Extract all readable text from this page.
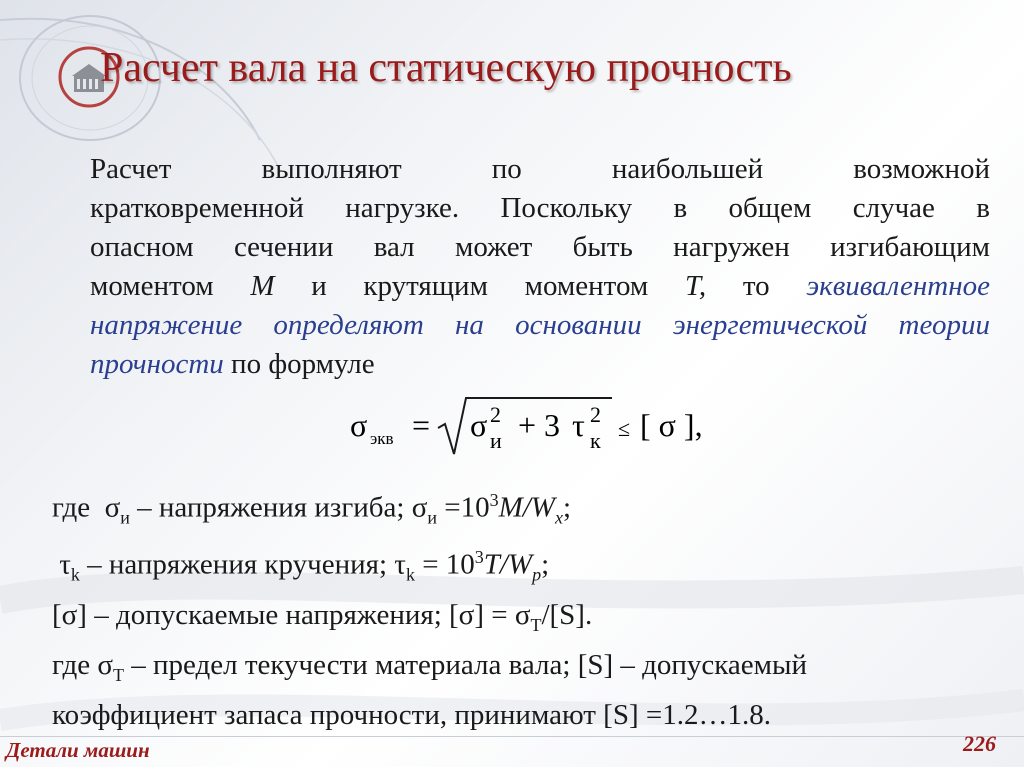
Расчет вала на статическую прочность
Расчет выполняют по наибольшей возможной
кратковременной нагрузке. Поскольку в общем случае в
опасном сечении вал может быть нагружен изгибающим
моментом M и крутящим моментом T, то эквивалентное
напряжение определяют на основании энергетической теории
прочности по формуле
σ экв = σ и
2 + 3 τ к
2
≤ [ σ ],
где $\sigma_и$ – напряжения изгиба; $\sigma_и =10^3M/W_x$;
$\tau_k$ – напряжения кручения; $\tau_k = 10^3T/W_p$;
[σ] – допускаемые напряжения; $[\sigma] = \sigma_T/[S]$.
где $\sigma_T$ – предел текучести материала вала; [S] – допускаемый
коэффициент запаса прочности, принимают [S] =1.2…1.8.
Детали машин	226
